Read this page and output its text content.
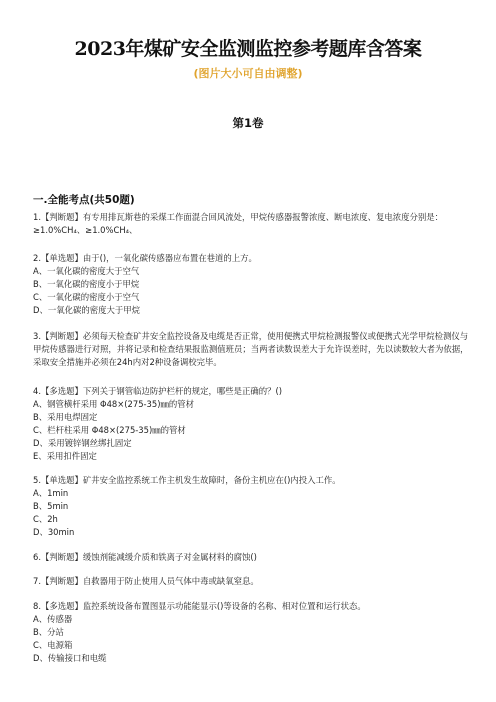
2023年煤矿安全监测监控参考题库含答案
(图片大小可自由调整)
第1卷
一.全能考点(共50题)
1.【判断题】有专用排瓦斯巷的采煤工作面混合回风流处，甲烷传感器报警浓度、断电浓度、复电浓度分别是：≥1.0%CH₄、≥1.0%CH₄、
2.【单选题】由于()，一氧化碳传感器应布置在巷道的上方。
A、一氧化碳的密度大于空气
B、一氧化碳的密度小于甲烷
C、一氧化碳的密度小于空气
D、一氧化碳的密度大于甲烷
3.【判断题】必须每天检查矿井安全监控设备及电缆是否正常，使用便携式甲烷检测报警仪或便携式光学甲烷检测仪与甲烷传感器进行对照，并将记录和检查结果报监测值班员；当两者读数误差大于允许误差时，先以读数较大者为依据，采取安全措施并必须在24h内对2种设备调校完毕。
4.【多选题】下列关于钢管临边防护栏杆的规定，哪些是正确的？()
A、钢管横杆采用 Φ48×(275-35)㎜的管材
B、采用电焊固定
C、栏杆柱采用 Φ48×(275-35)㎜的管材
D、采用镀锌钢丝绑扎固定
E、采用扣件固定
5.【单选题】矿井安全监控系统工作主机发生故障时，备份主机应在()内投入工作。
A、1min
B、5min
C、2h
D、30min
6.【判断题】缓蚀剂能减缓介质和铁离子对金属材料的腐蚀()
7.【判断题】自救器用于防止使用人员气体中毒或缺氧窒息。
8.【多选题】监控系统设备布置图显示功能能显示()等设备的名称、相对位置和运行状态。
A、传感器
B、分站
C、电源箱
D、传输接口和电缆
